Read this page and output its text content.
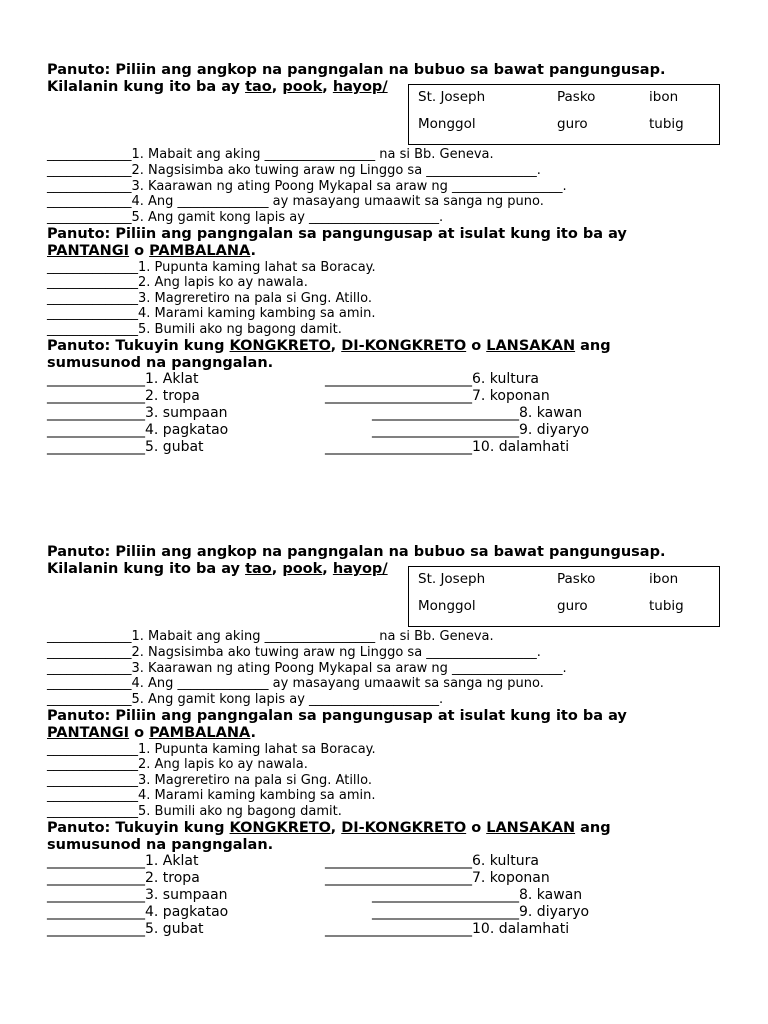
Panuto: Piliin ang angkop na pangngalan na bubuo sa bawat pangungusap.
Kilalanin kung ito ba ay tao, pook, hayop/
St. Joseph	Pasko	ibon
Monggol	guro	tubig
_____________1. Mabait ang aking _________________ na si Bb. Geneva.
_____________2. Nagsisimba ako tuwing araw ng Linggo sa _________________.
_____________3. Kaarawan ng ating Poong Mykapal sa araw ng _________________.
_____________4. Ang ______________ ay masayang umaawit sa sanga ng puno.
_____________5. Ang gamit kong lapis ay ____________________.
Panuto: Piliin ang pangngalan sa pangungusap at isulat kung ito ba ay
PANTANGI o PAMBALANA.
______________1. Pupunta kaming lahat sa Boracay.
______________2. Ang lapis ko ay nawala.
______________3. Magreretiro na pala si Gng. Atillo.
______________4. Marami kaming kambing sa amin.
______________5. Bumili ako ng bagong damit.
Panuto: Tukuyin kung KONGKRETO, DI-KONGKRETO o LANSAKAN ang
sumusunod na pangngalan.
______________1. Aklat
______________2. tropa
______________3. sumpaan
______________4. pagkatao
______________5. gubat
_____________________6. kultura
_____________________7. koponan
_____________________8. kawan
_____________________9. diyaryo
_____________________10. dalamhati
Panuto: Piliin ang angkop na pangngalan na bubuo sa bawat pangungusap.
Kilalanin kung ito ba ay tao, pook, hayop/
St. Joseph	Pasko	ibon
Monggol	guro	tubig
_____________1. Mabait ang aking _________________ na si Bb. Geneva.
_____________2. Nagsisimba ako tuwing araw ng Linggo sa _________________.
_____________3. Kaarawan ng ating Poong Mykapal sa araw ng _________________.
_____________4. Ang ______________ ay masayang umaawit sa sanga ng puno.
_____________5. Ang gamit kong lapis ay ____________________.
Panuto: Piliin ang pangngalan sa pangungusap at isulat kung ito ba ay
PANTANGI o PAMBALANA.
______________1. Pupunta kaming lahat sa Boracay.
______________2. Ang lapis ko ay nawala.
______________3. Magreretiro na pala si Gng. Atillo.
______________4. Marami kaming kambing sa amin.
______________5. Bumili ako ng bagong damit.
Panuto: Tukuyin kung KONGKRETO, DI-KONGKRETO o LANSAKAN ang
sumusunod na pangngalan.
______________1. Aklat
______________2. tropa
______________3. sumpaan
______________4. pagkatao
______________5. gubat
_____________________6. kultura
_____________________7. koponan
_____________________8. kawan
_____________________9. diyaryo
_____________________10. dalamhati
